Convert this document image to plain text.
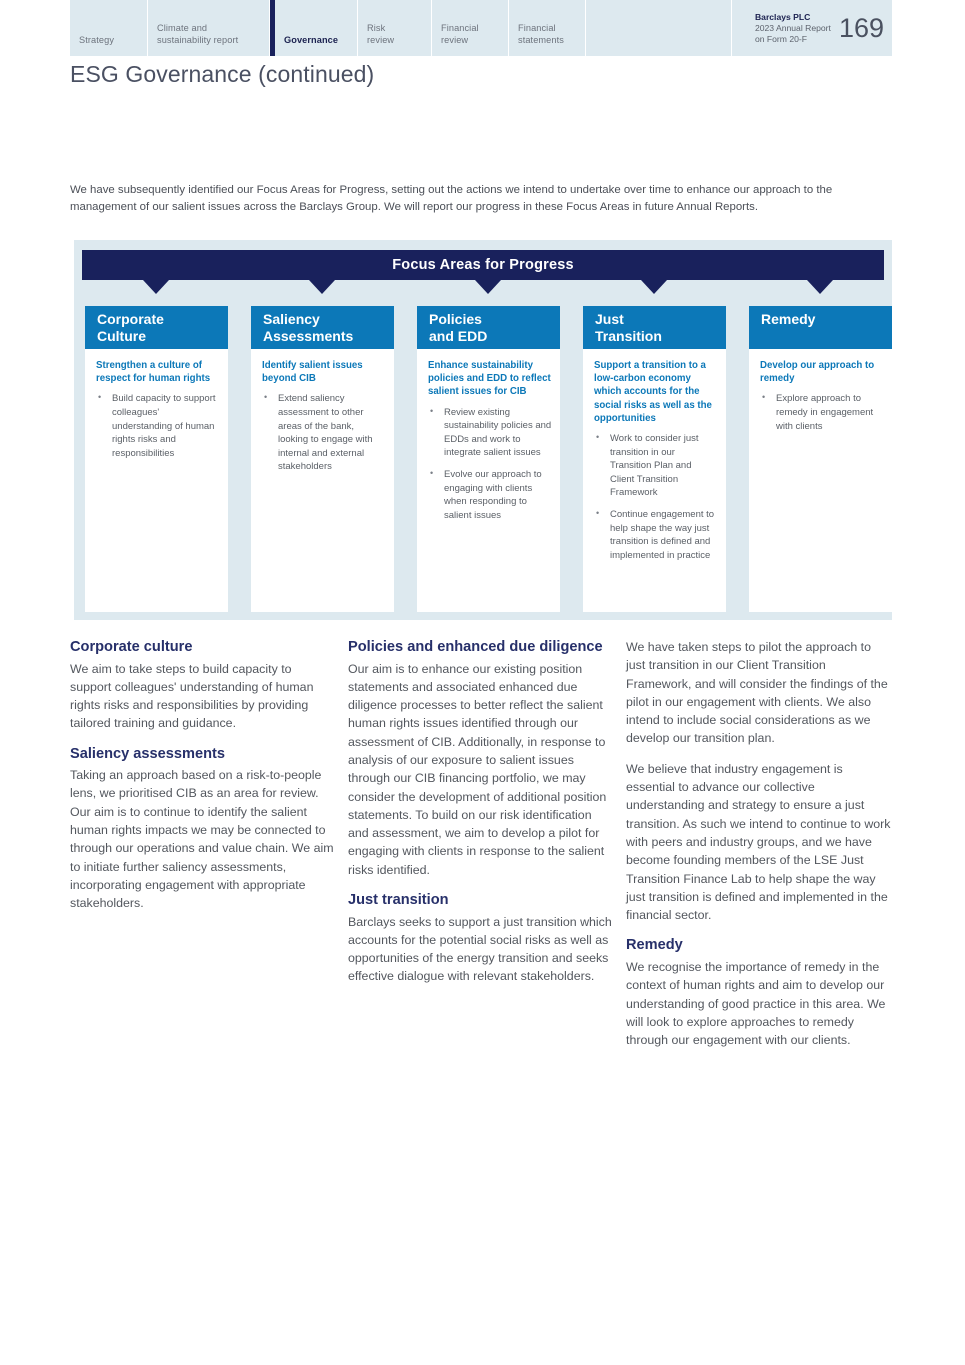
Strategy
Climate and
sustainability report	Governance
Risk
review
Financial
review
Financial
statements
Barclays PLC
2023 Annual Report
on Form 20-F	169
ESG Governance (continued)
We have subsequently identified our Focus Areas for Progress, setting out the actions we intend to undertake over time to enhance our approach to the management of our salient issues across the Barclays Group. We will report our progress in these Focus Areas in future Annual Reports.
Focus Areas for Progress
Corporate
Culture
Strengthen a culture of respect for human rights
• Build capacity to support colleagues' understanding of human rights risks and responsibilities
Saliency
Assessments
Identify salient issues beyond CIB
• Extend saliency assessment to other areas of the bank, looking to engage with internal and external stakeholders
Policies
and EDD
Enhance sustainability policies and EDD to reflect salient issues for CIB
• Review existing sustainability policies and EDDs and work to integrate salient issues
• Evolve our approach to engaging with clients when responding to salient issues
Just
Transition
Support a transition to a low-carbon economy which accounts for the social risks as well as the opportunities
• Work to consider just transition in our Transition Plan and Client Transition Framework
• Continue engagement to help shape the way just transition is defined and implemented in practice
Remedy
Develop our approach to remedy
• Explore approach to remedy in engagement with clients
Corporate culture

We aim to take steps to build capacity to support colleagues' understanding of human rights risks and responsibilities by providing tailored training and guidance.

Saliency assessments

Taking an approach based on a risk-to-people lens, we prioritised CIB as an area for review. Our aim is to continue to identify the salient human rights impacts we may be connected to through our operations and value chain. We aim to initiate further saliency assessments, incorporating engagement with appropriate stakeholders.

Policies and enhanced due diligence

Our aim is to enhance our existing position statements and associated enhanced due diligence processes to better reflect the salient human rights issues identified through our assessment of CIB. Additionally, in response to analysis of our exposure to salient issues through our CIB financing portfolio, we may consider the development of additional position statements. To build on our risk identification and assessment, we aim to develop a pilot for engaging with clients in response to the salient risks identified.

Just transition

Barclays seeks to support a just transition which accounts for the potential social risks as well as opportunities of the energy transition and seeks effective dialogue with relevant stakeholders.

We have taken steps to pilot the approach to just transition in our Client Transition Framework, and will consider the findings of the pilot in our engagement with clients. We also intend to include social considerations as we develop our transition plan.

We believe that industry engagement is essential to advance our collective understanding and strategy to ensure a just transition. As such we intend to continue to work with peers and industry groups, and we have become founding members of the LSE Just Transition Finance Lab to help shape the way just transition is defined and implemented in the financial sector.

Remedy

We recognise the importance of remedy in the context of human rights and aim to develop our understanding of good practice in this area. We will look to explore approaches to remedy through our engagement with our clients.
